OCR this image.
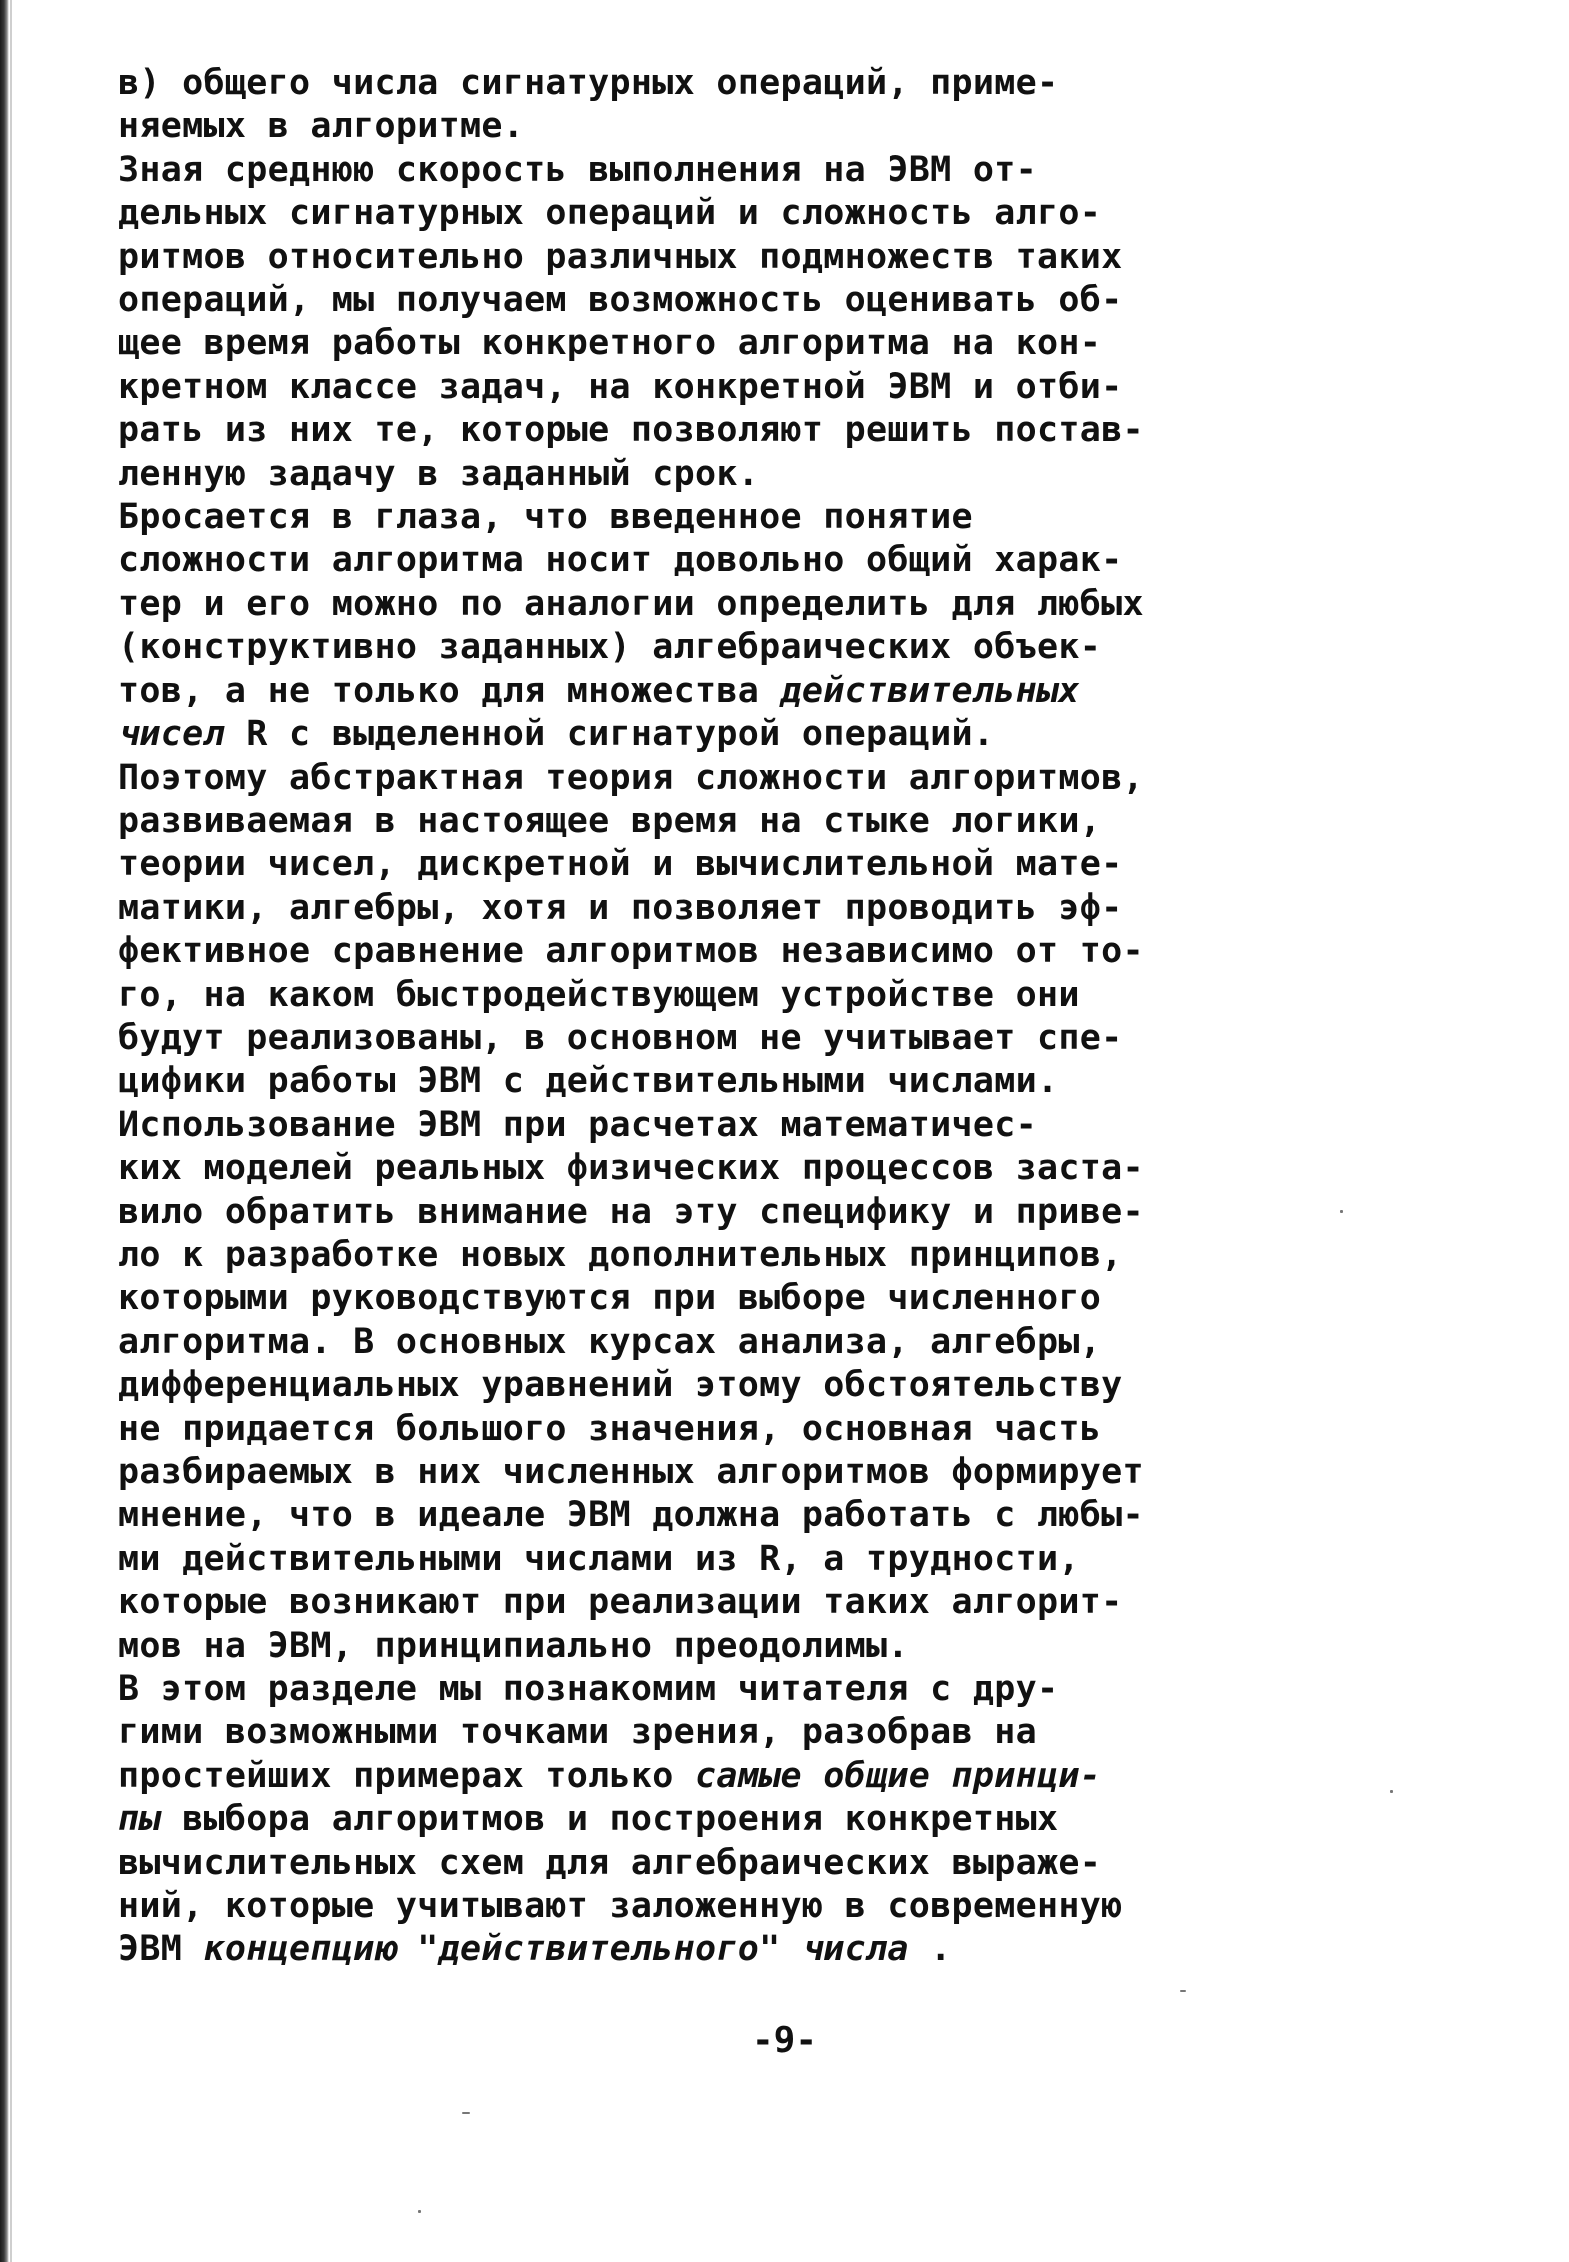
в) общего числа сигнатурных операций, приме-
няемых в алгоритме.

Зная среднюю скорость выполнения на ЭВМ от-
дельных сигнатурных операций и сложность алго-
ритмов относительно различных подмножеств таких
операций, мы получаем возможность оценивать об-
щее время работы конкретного алгоритма на кон-
кретном классе задач, на конкретной ЭВМ и отби-
рать из них те, которые позволяют решить постав-
ленную задачу в заданный срок.

Бросается в глаза, что введенное понятие
сложности алгоритма носит довольно общий харак-
тер и его можно по аналогии определить для любых
(конструктивно заданных) алгебраических объек-
тов, а не только для множества действительных
чисел R с выделенной сигнатурой операций.
Поэтому абстрактная теория сложности алгоритмов,
развиваемая в настоящее время на стыке логики,
теории чисел, дискретной и вычислительной мате-
матики, алгебры, хотя и позволяет проводить эф-
фективное сравнение алгоритмов независимо от то-
го, на каком быстродействующем устройстве они
будут реализованы, в основном не учитывает спе-
цифики работы ЭВМ с действительными числами.

Использование ЭВМ при расчетах математичес-
ких моделей реальных физических процессов заста-
вило обратить внимание на эту специфику и приве-
ло к разработке новых дополнительных принципов,
которыми руководствуются при выборе численного
алгоритма. В основных курсах анализа, алгебры,
дифференциальных уравнений этому обстоятельству
не придается большого значения, основная часть
разбираемых в них численных алгоритмов формирует
мнение, что в идеале ЭВМ должна работать с любы-
ми действительными числами из R, а трудности,
которые возникают при реализации таких алгорит-
мов на ЭВМ, принципиально преодолимы.

В этом разделе мы познакомим читателя с дру-
гими возможными точками зрения, разобрав на
простейших примерах только самые общие принци-
пы выбора алгоритмов и построения конкретных
вычислительных схем для алгебраических выраже-
ний, которые учитывают заложенную в современную
ЭВМ концепцию "действительного" числа .

-9-
